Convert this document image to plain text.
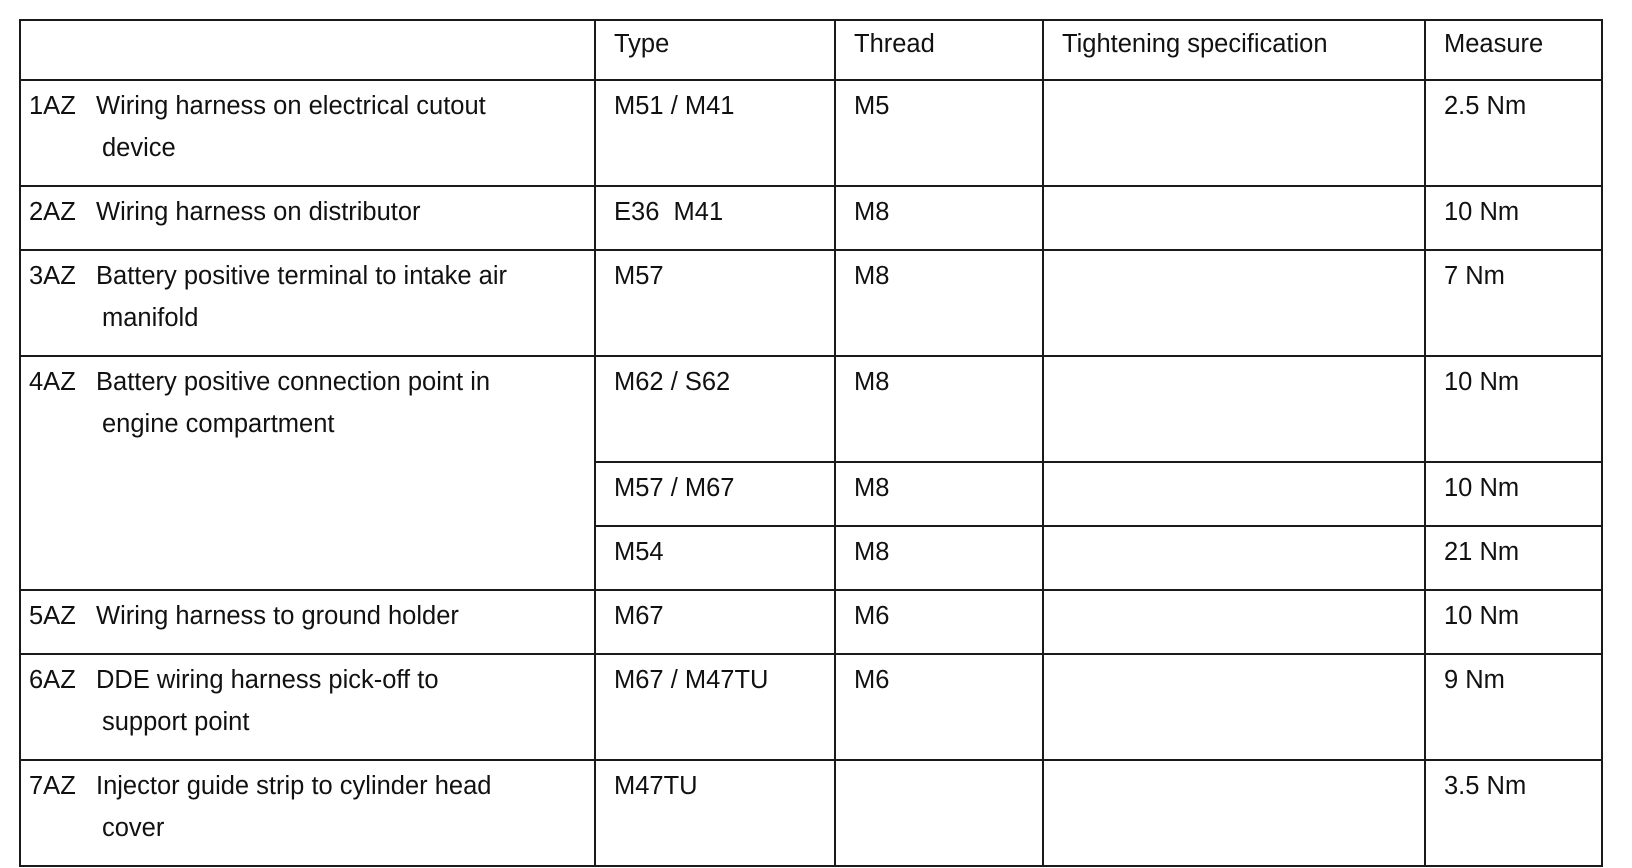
	Type	Thread	Tightening specification	Measure

1AZ Wiring harness on electrical cutout
device	M51 / M41	M5		2.5 Nm

2AZ Wiring harness on distributor	E36  M41	M8		10 Nm

3AZ Battery positive terminal to intake air
manifold	M57	M8		7 Nm

4AZ Battery positive connection point in
engine compartment	M62 / S62	M8		10 Nm
	M57 / M67	M8		10 Nm
	M54	M8		21 Nm

5AZ Wiring harness to ground holder	M67	M6		10 Nm

6AZ DDE wiring harness pick-off to
support point	M67 / M47TU	M6		9 Nm

7AZ Injector guide strip to cylinder head
cover	M47TU			3.5 Nm
